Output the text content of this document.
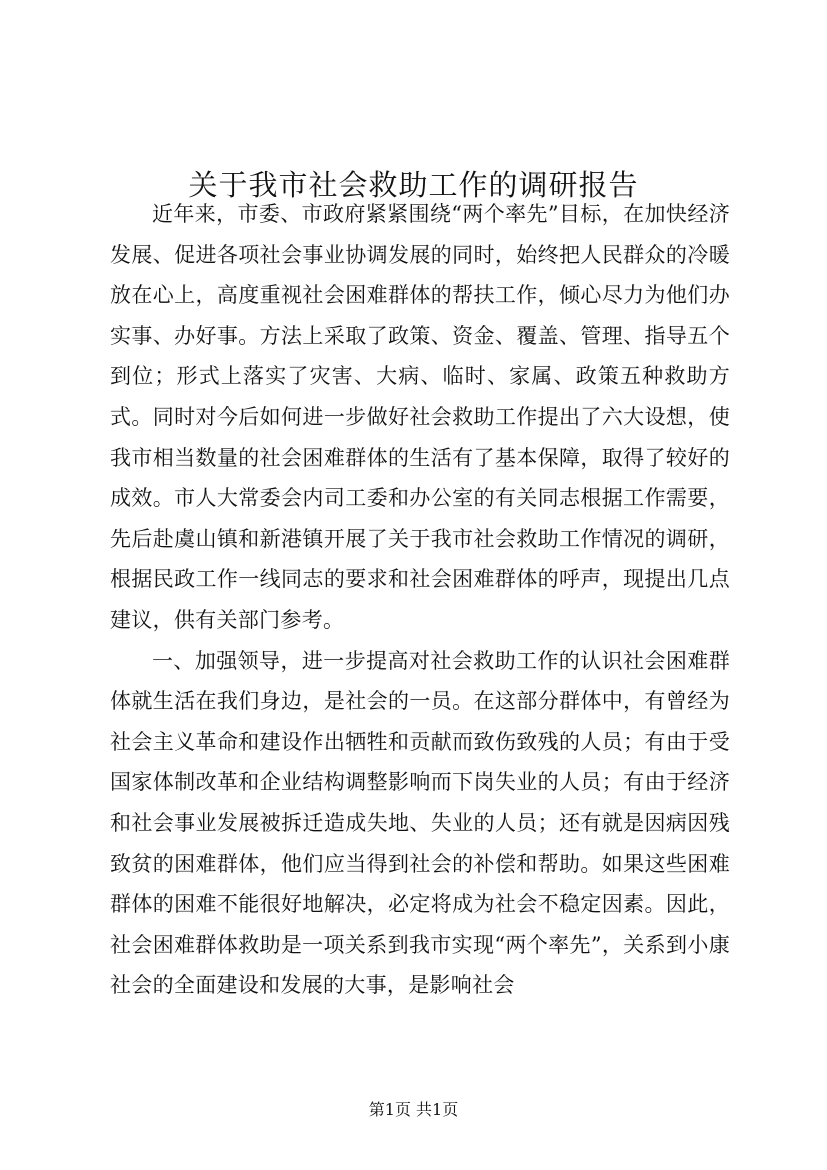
关于我市社会救助工作的调研报告

近年来，市委、市政府紧紧围绕“两个率先”目标，在加快经济发展、促进各项社会事业协调发展的同时，始终把人民群众的冷暖放在心上，高度重视社会困难群体的帮扶工作，倾心尽力为他们办实事、办好事。方法上采取了政策、资金、覆盖、管理、指导五个到位；形式上落实了灾害、大病、临时、家属、政策五种救助方式。同时对今后如何进一步做好社会救助工作提出了六大设想，使我市相当数量的社会困难群体的生活有了基本保障，取得了较好的成效。市人大常委会内司工委和办公室的有关同志根据工作需要，先后赴虞山镇和新港镇开展了关于我市社会救助工作情况的调研，根据民政工作一线同志的要求和社会困难群体的呼声，现提出几点建议，供有关部门参考。

一、加强领导，进一步提高对社会救助工作的认识社会困难群体就生活在我们身边，是社会的一员。在这部分群体中，有曾经为社会主义革命和建设作出牺牲和贡献而致伤致残的人员；有由于受国家体制改革和企业结构调整影响而下岗失业的人员；有由于经济和社会事业发展被拆迁造成失地、失业的人员；还有就是因病因残致贫的困难群体，他们应当得到社会的补偿和帮助。如果这些困难群体的困难不能很好地解决，必定将成为社会不稳定因素。因此，社会困难群体救助是一项关系到我市实现“两个率先”，关系到小康社会的全面建设和发展的大事，是影响社会

第1页 共1页
